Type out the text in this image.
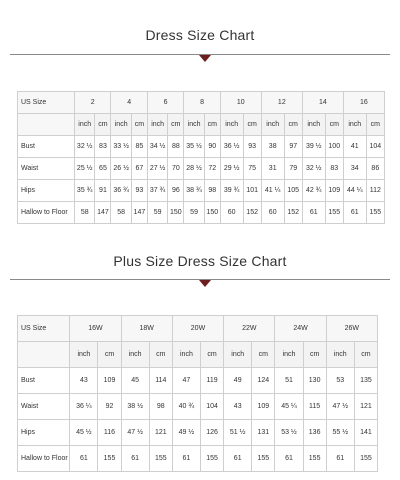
Dress Size Chart
US Size	2		4		6		8		10		12		14		16	
	inch	cm	inch	cm	inch	cm	inch	cm	inch	cm	inch	cm	inch	cm	inch	cm
Bust	32 ½	83	33 ½	85	34 ½	88	35 ½	90	36 ½	93	38	97	39 ½	100	41	104
Waist	25 ½	65	26 ½	67	27 ½	70	28 ½	72	29 ½	75	31	79	32 ½	83	34	86
Hips	35 ¾	91	36 ¾	93	37 ¾	96	38 ¾	98	39 ¾	101	41 ¼	105	42 ¾	109	44 ¼	112
Hallow to Floor	58	147	58	147	59	150	59	150	60	152	60	152	61	155	61	155
Plus Size Dress Size Chart
US Size	16W		18W		20W		22W		24W		26W	
	inch	cm	inch	cm	inch	cm	inch	cm	inch	cm	inch	cm
Bust	43	109	45	114	47	119	49	124	51	130	53	135
Waist	36 ¼	92	38 ½	98	40 ¾	104	43	109	45 ¼	115	47 ½	121
Hips	45 ½	116	47 ½	121	49 ½	126	51 ½	131	53 ½	136	55 ½	141
Hallow to Floor	61	155	61	155	61	155	61	155	61	155	61	155
